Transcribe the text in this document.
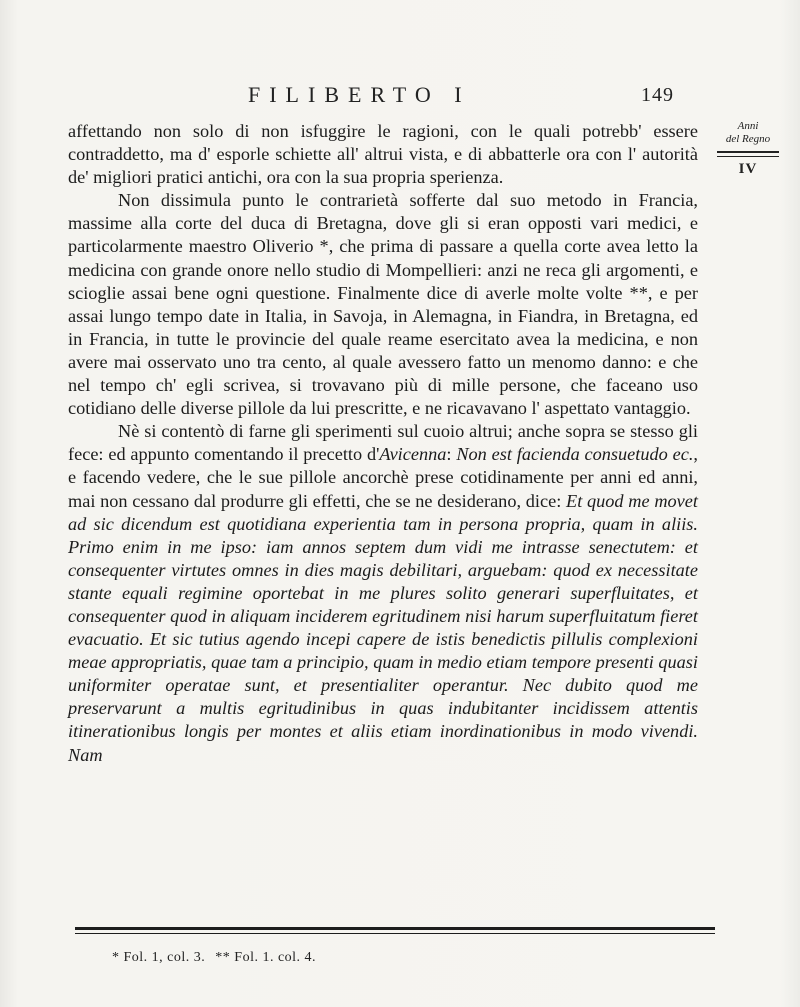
FILIBERTO I	149
Anni
del Regno
IV

affettando non solo di non isfuggire le ragioni, con le quali potrebb' essere contraddetto, ma d' esporle schiette all' altrui vista, e di abbatterle ora con l' autorità de' migliori pratici antichi, ora con la sua propria sperienza.

Non dissimula punto le contrarietà sofferte dal suo metodo in Francia, massime alla corte del duca di Bretagna, dove gli si eran opposti vari medici, e particolarmente maestro Oliverio *, che prima di passare a quella corte avea letto la medicina con grande onore nello studio di Mompellieri: anzi ne reca gli argomenti, e scioglie assai bene ogni questione. Finalmente dice di averle molte volte **, e per assai lungo tempo date in Italia, in Savoja, in Alemagna, in Fiandra, in Bretagna, ed in Francia, in tutte le provincie del quale reame esercitato avea la medicina, e non avere mai osservato uno tra cento, al quale avessero fatto un menomo danno: e che nel tempo ch' egli scrivea, si trovavano più di mille persone, che faceano uso cotidiano delle diverse pillole da lui prescritte, e ne ricavavano l' aspettato vantaggio.

Nè si contentò di farne gli sperimenti sul cuoio altrui; anche sopra se stesso gli fece: ed appunto comentando il precetto d'Avicenna: Non est facienda consuetudo ec., e facendo vedere, che le sue pillole ancorchè prese cotidinamente per anni ed anni, mai non cessano dal produrre gli effetti, che se ne desiderano, dice: Et quod me movet ad sic dicendum est quotidiana experientia tam in persona propria, quam in aliis. Primo enim in me ipso: iam annos septem dum vidi me intrasse senectutem: et consequenter virtutes omnes in dies magis debilitari, arguebam: quod ex necessitate stante equali regimine oportebat in me plures solito generari superfluitates, et consequenter quod in aliquam inciderem egritudinem nisi harum superfluitatum fieret evacuatio. Et sic tutius agendo incepi capere de istis benedictis pillulis complexioni meae appropriatis, quae tam a principio, quam in medio etiam tempore presenti quasi uniformiter operatae sunt, et presentialiter operantur. Nec dubito quod me preservarunt a multis egritudinibus in quas indubitanter incidissem attentis itinerationibus longis per montes et aliis etiam inordinationibus in modo vivendi. Nam

* Fol. 1, col. 3. ** Fol. 1. col. 4.
